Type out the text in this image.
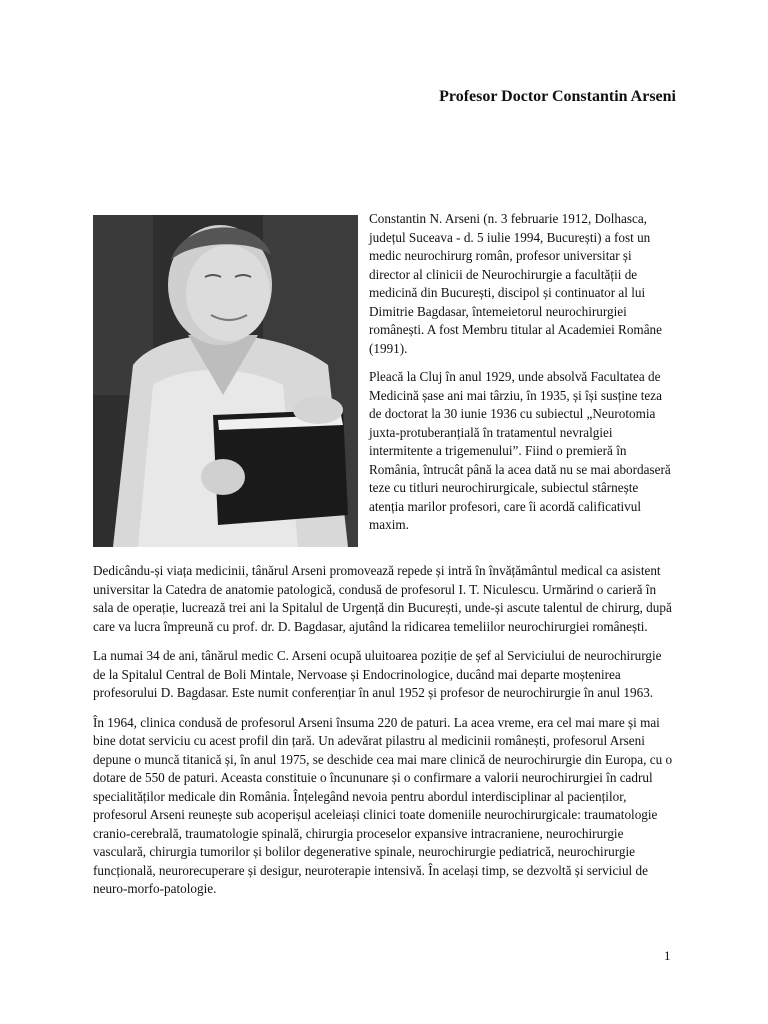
Profesor Doctor Constantin Arseni

Constantin N. Arseni (n. 3 februarie 1912, Dolhasca, județul Suceava - d. 5 iulie 1994, București) a fost un medic neurochirurg român, profesor universitar și director al clinicii de Neurochirurgie a facultății de medicină din București, discipol și continuator al lui Dimitrie Bagdasar, întemeietorul neurochirurgiei românești. A fost Membru titular al Academiei Române (1991).

Pleacă la Cluj în anul 1929, unde absolvă Facultatea de Medicină șase ani mai târziu, în 1935, și își susține teza de doctorat la 30 iunie 1936 cu subiectul „Neurotomia juxta-protuberanțială în tratamentul nevralgiei intermitente a trigemenului”. Fiind o premieră în România, întrucât până la acea dată nu se mai abordaseră teze cu titluri neurochirurgicale, subiectul stârnește atenția marilor profesori, care îi acordă calificativul maxim.

Dedicându-și viața medicinii, tânărul Arseni promovează repede și intră în învățământul medical ca asistent universitar la Catedra de anatomie patologică, condusă de profesorul I. T. Niculescu. Urmărind o carieră în sala de operație, lucrează trei ani la Spitalul de Urgență din București, unde-și ascute talentul de chirurg, după care va lucra împreună cu prof. dr. D. Bagdasar, ajutând la ridicarea temeliilor neurochirurgiei românești.

La numai 34 de ani, tânărul medic C. Arseni ocupă uluitoarea poziție de șef al Serviciului de neurochirurgie de la Spitalul Central de Boli Mintale, Nervoase și Endocrinologice, ducând mai departe moștenirea profesorului D. Bagdasar. Este numit conferențiar în anul 1952 și profesor de neurochirurgie în anul 1963.

În 1964, clinica condusă de profesorul Arseni însuma 220 de paturi. La acea vreme, era cel mai mare și mai bine dotat serviciu cu acest profil din țară. Un adevărat pilastru al medicinii românești, profesorul Arseni depune o muncă titanică și, în anul 1975, se deschide cea mai mare clinică de neurochirurgie din Europa, cu o dotare de 550 de paturi. Aceasta constituie o încununare și o confirmare a valorii neurochirurgiei în cadrul specialităților medicale din România. Înțelegând nevoia pentru abordul interdisciplinar al pacienților, profesorul Arseni reunește sub acoperișul aceleiași clinici toate domeniile neurochirurgicale: traumatologie cranio-cerebrală, traumatologie spinală, chirurgia proceselor expansive intracraniene, neurochirurgie vasculară, chirurgia tumorilor și bolilor degenerative spinale, neurochirurgie pediatrică, neurochirurgie funcțională, neurorecuperare și desigur, neuroterapie intensivă. În același timp, se dezvoltă și serviciul de neuro-morfo-patologie.

1
